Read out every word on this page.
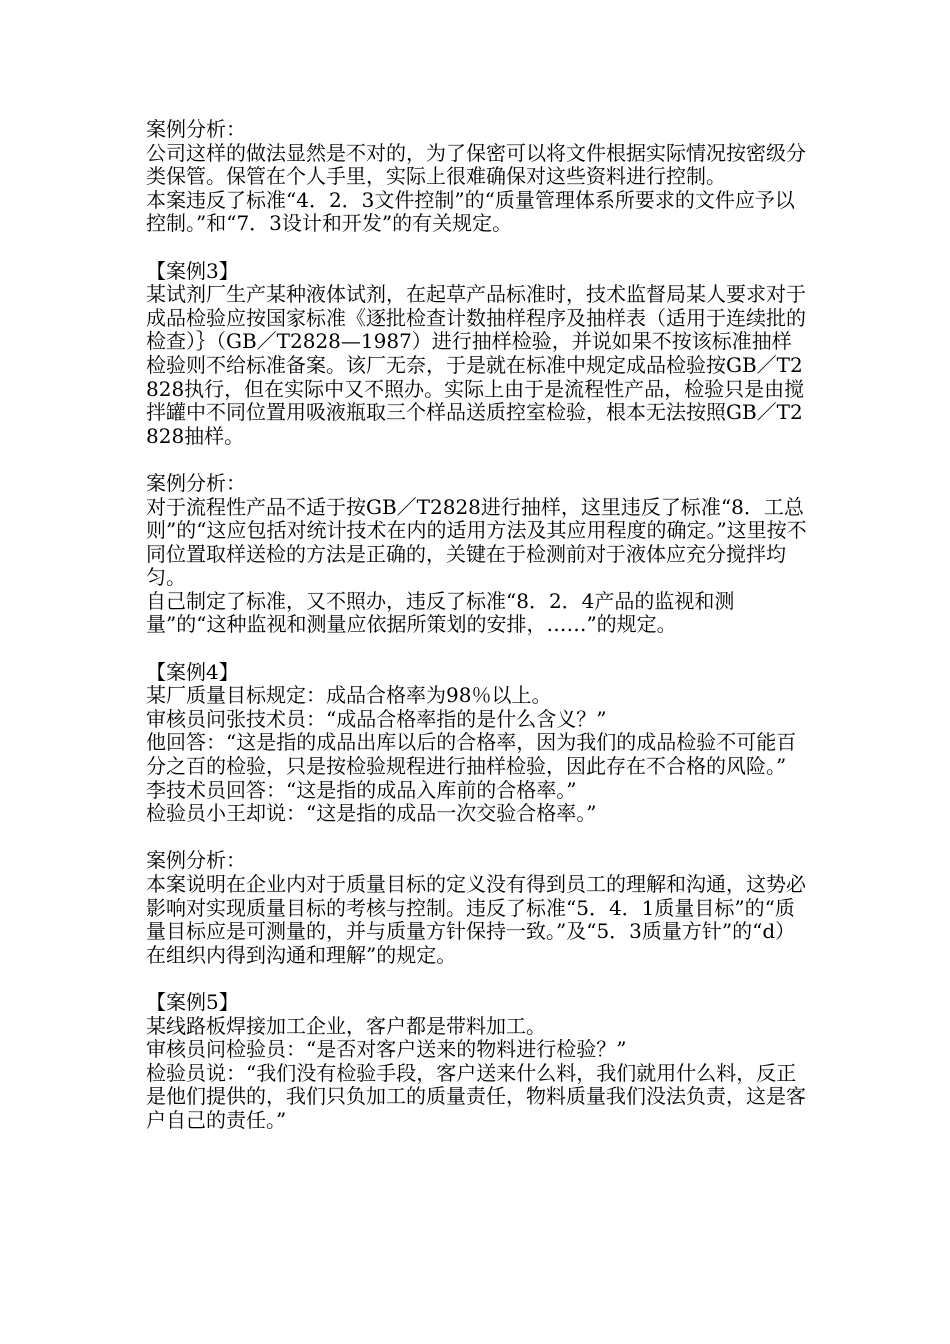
案例分析：

公司这样的做法显然是不对的，为了保密可以将文件根据实际情况按密级分类保管。保管在个人手里，实际上很难确保对这些资料进行控制。

本案违反了标准“4．2．3文件控制”的“质量管理体系所要求的文件应予以控制。”和“7．3设计和开发”的有关规定。

【案例3】

某试剂厂生产某种液体试剂，在起草产品标准时，技术监督局某人要求对于成品检验应按国家标准《逐批检查计数抽样程序及抽样表（适用于连续批的检查）｝（GB／T2828—1987）进行抽样检验，并说如果不按该标准抽样检验则不给标准备案。该厂无奈，于是就在标准中规定成品检验按GB／T2828执行，但在实际中又不照办。实际上由于是流程性产品，检验只是由搅拌罐中不同位置用吸液瓶取三个样品送质控室检验，根本无法按照GB／T2828抽样。

案例分析：

对于流程性产品不适于按GB／T2828进行抽样，这里违反了标准“8．工总则”的“这应包括对统计技术在内的适用方法及其应用程度的确定。”这里按不同位置取样送检的方法是正确的，关键在于检测前对于液体应充分搅拌均匀。

自己制定了标准，又不照办，违反了标准“8．2．4产品的监视和测量”的“这种监视和测量应依据所策划的安排，……”的规定。

【案例4】

某厂质量目标规定：成品合格率为98％以上。

审核员问张技术员：“成品合格率指的是什么含义？”

他回答：“这是指的成品出库以后的合格率，因为我们的成品检验不可能百分之百的检验，只是按检验规程进行抽样检验，因此存在不合格的风险。”

李技术员回答：“这是指的成品入库前的合格率。”

检验员小王却说：“这是指的成品一次交验合格率。”

案例分析：

本案说明在企业内对于质量目标的定义没有得到员工的理解和沟通，这势必影响对实现质量目标的考核与控制。违反了标准“5．4．1质量目标”的“质量目标应是可测量的，并与质量方针保持一致。”及“5．3质量方针”的“d）在组织内得到沟通和理解”的规定。

【案例5】

某线路板焊接加工企业，客户都是带料加工。

审核员问检验员：“是否对客户送来的物料进行检验？”

检验员说：“我们没有检验手段，客户送来什么料，我们就用什么料，反正是他们提供的，我们只负加工的质量责任，物料质量我们没法负责，这是客户自己的责任。”
